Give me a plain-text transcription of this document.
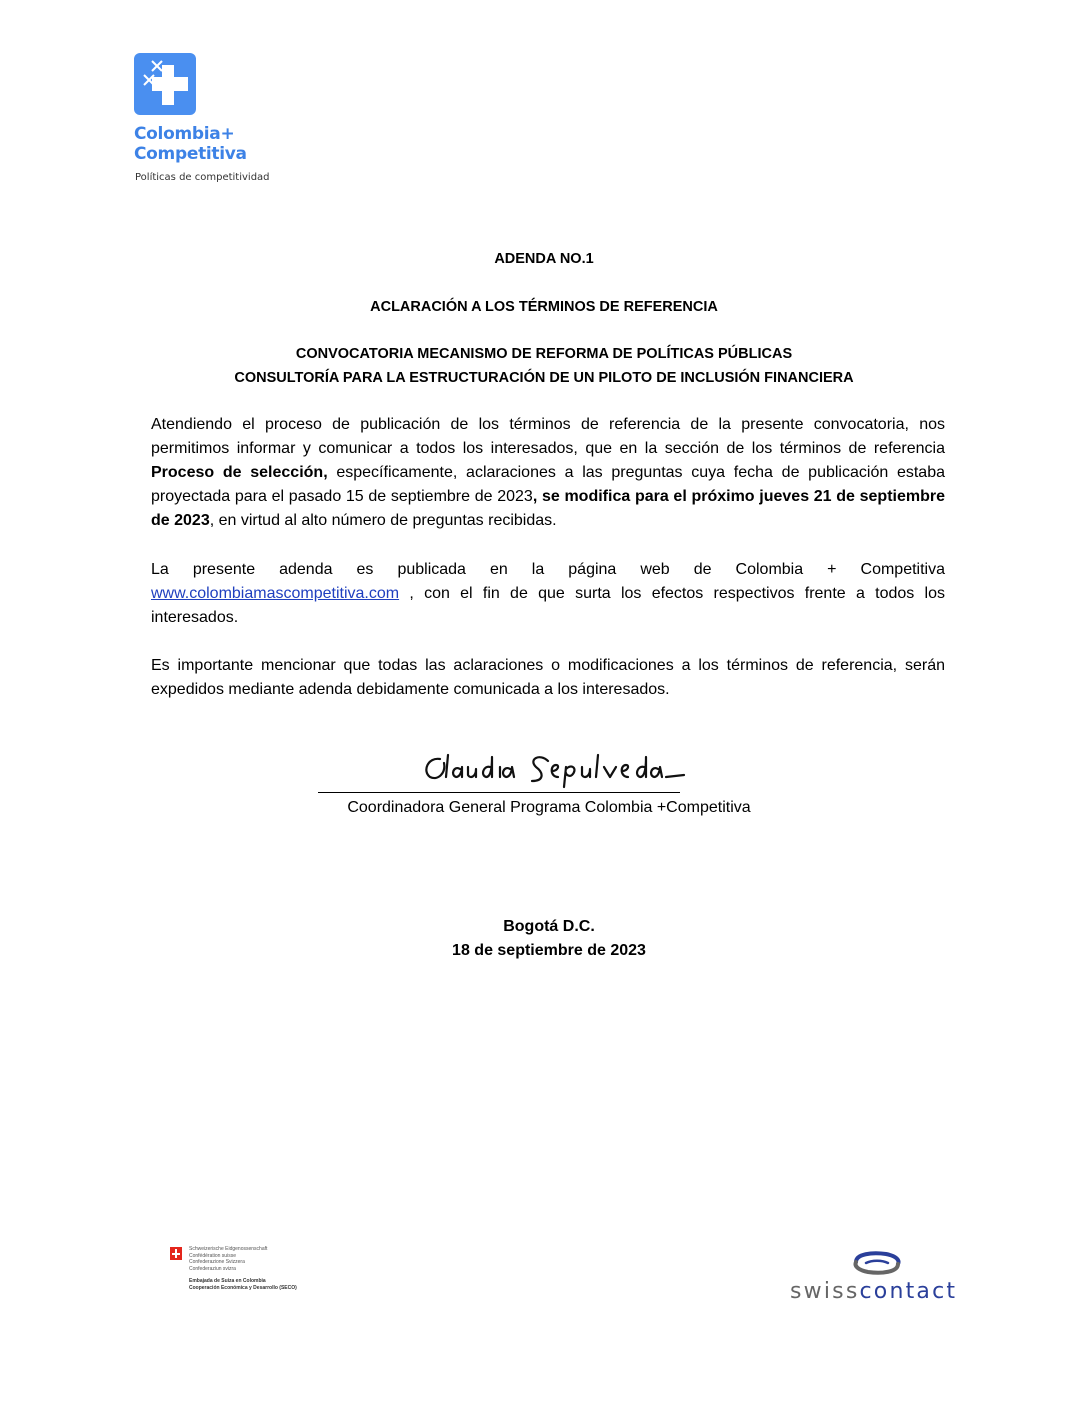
Colombia+
Competitiva
Políticas de competitividad
ADENDA NO.1
ACLARACIÓN A LOS TÉRMINOS DE REFERENCIA
CONVOCATORIA MECANISMO DE REFORMA DE POLÍTICAS PÚBLICAS
CONSULTORÍA PARA LA ESTRUCTURACIÓN DE UN PILOTO DE INCLUSIÓN FINANCIERA
Atendiendo el proceso de publicación de los términos de referencia de la presente convocatoria, nos permitimos informar y comunicar a todos los interesados, que en la sección de los términos de referencia Proceso de selección, específicamente, aclaraciones a las preguntas cuya fecha de publicación estaba proyectada para el pasado 15 de septiembre de 2023, se modifica para el próximo jueves 21 de septiembre de 2023, en virtud al alto número de preguntas recibidas.
La presente adenda es publicada en la página web de Colombia + Competitiva www.colombiamascompetitiva.com , con el fin de que surta los efectos respectivos frente a todos los interesados.
Es importante mencionar que todas las aclaraciones o modificaciones a los términos de referencia, serán expedidos mediante adenda debidamente comunicada a los interesados.
Coordinadora General Programa Colombia +Competitiva
Bogotá D.C.
18 de septiembre de 2023
Schweizerische Eidgenossenschaft
Confédération suisse
Confederazione Svizzera
Confederaziun svizra
Embajada de Suiza en Colombia
Cooperación Económica y Desarrollo (SECO)	swisscontact
